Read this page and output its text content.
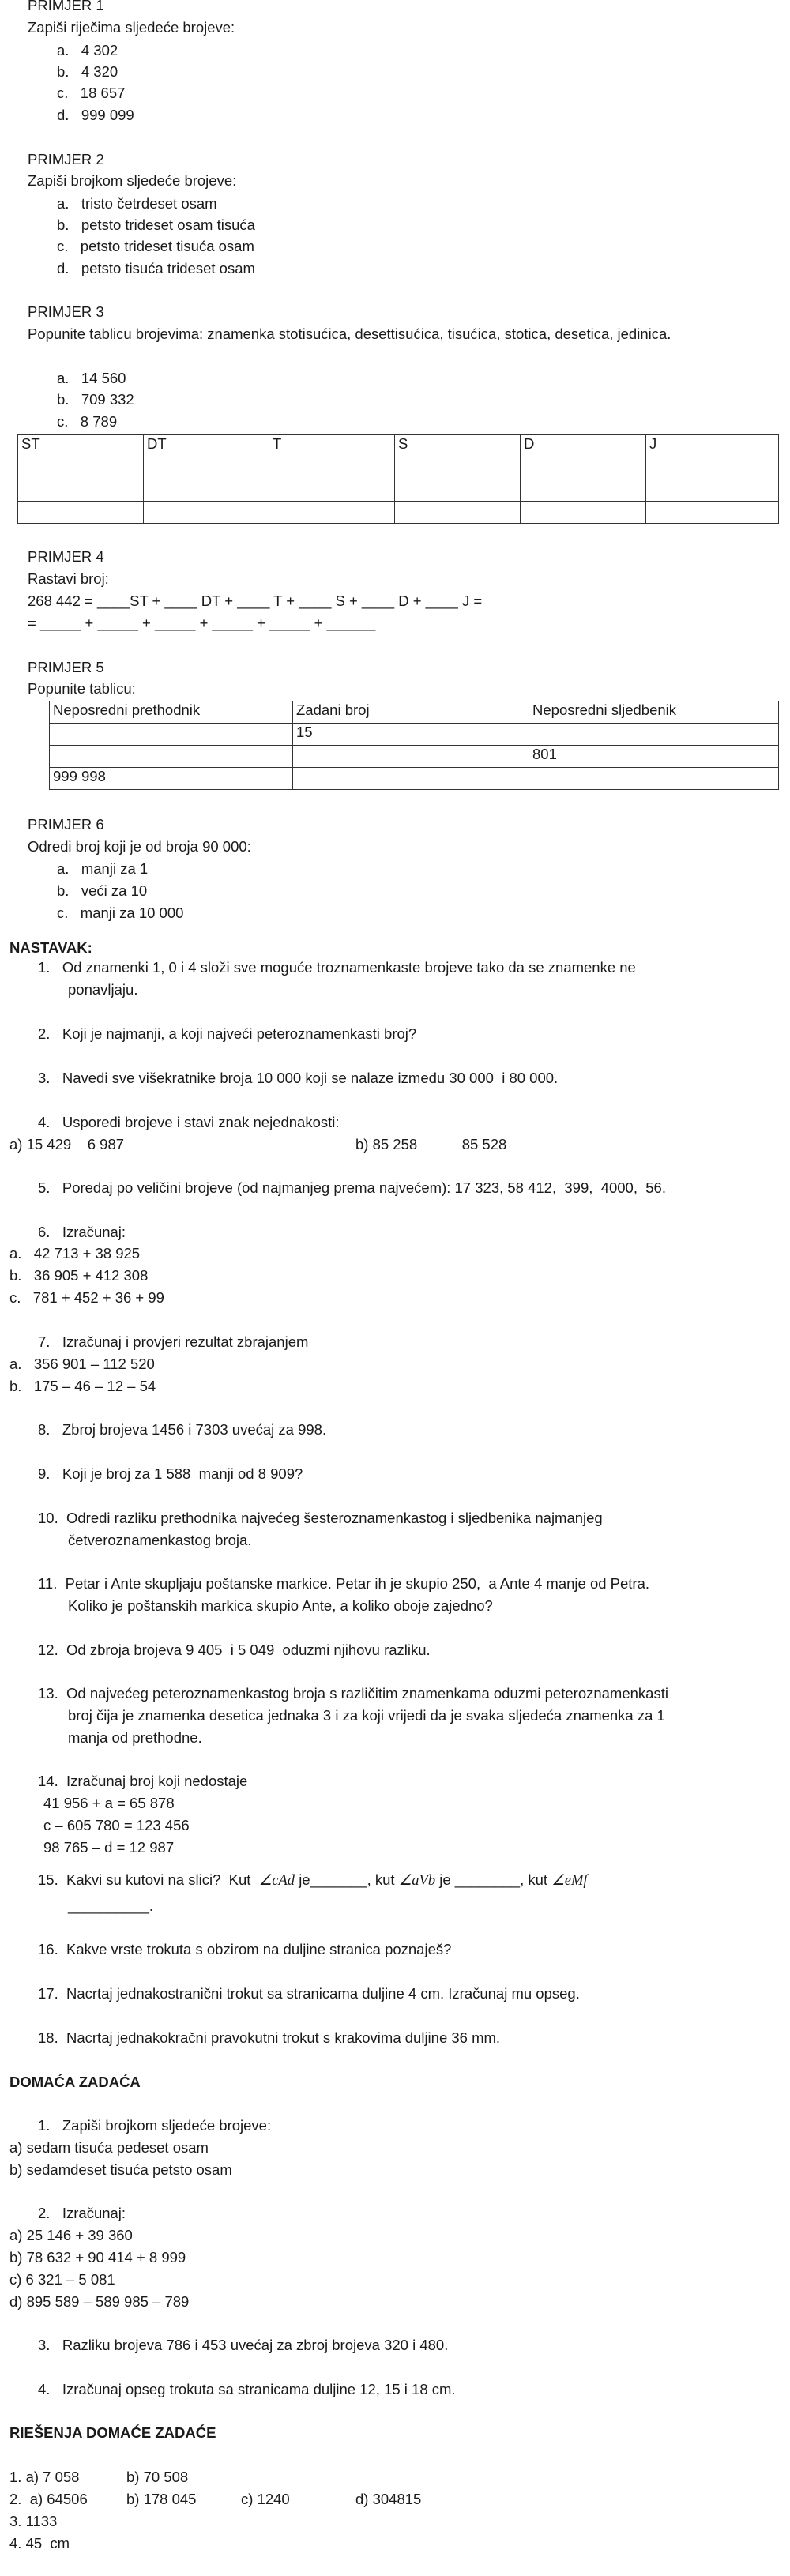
PRIMJER 1
Zapiši riječima sljedeće brojeve:
a.   4 302
b.   4 320
c.   18 657
d.   999 099
PRIMJER 2
Zapiši brojkom sljedeće brojeve:
a.   tristo četrdeset osam
b.   petsto trideset osam tisuća
c.   petsto trideset tisuća osam
d.   petsto tisuća trideset osam
PRIMJER 3
Popunite tablicu brojevima: znamenka stotisućica, desettisućica, tisućica, stotica, desetica, jedinica.
a.   14 560
b.   709 332
c.   8 789
ST	DT	T	S	D	J

PRIMJER 4
Rastavi broj:
268 442 = ____ST + ____ DT + ____ T + ____ S + ____ D + ____ J =
= _____ + _____ + _____ + _____ + _____ + ______
PRIMJER 5
Popunite tablicu:
Neposredni prethodnik	Zadani broj	Neposredni sljedbenik
	15	
		801
999 998		
PRIMJER 6
Odredi broj koji je od broja 90 000:
a.   manji za 1
b.   veći za 10
c.   manji za 10 000
NASTAVAK:
1.   Od znamenki 1, 0 i 4 složi sve moguće troznamenkaste brojeve tako da se znamenke ne
ponavljaju.
2.   Koji je najmanji, a koji najveći peteroznamenkasti broj?
3.   Navedi sve višekratnike broja 10 000 koji se nalaze između 30 000  i 80 000.
4.   Usporedi brojeve i stavi znak nejednakosti:
a) 15 429    6 987	b) 85 258           85 528
5.   Poredaj po veličini brojeve (od najmanjeg prema najvećem): 17 323, 58 412,  399,  4000,  56.
6.   Izračunaj:
a.   42 713 + 38 925
b.   36 905 + 412 308
c.   781 + 452 + 36 + 99
7.   Izračunaj i provjeri rezultat zbrajanjem
a.   356 901 – 112 520
b.   175 – 46 – 12 – 54
8.   Zbroj brojeva 1456 i 7303 uvećaj za 998.
9.   Koji je broj za 1 588  manji od 8 909?
10.  Odredi razliku prethodnika najvećeg šesteroznamenkastog i sljedbenika najmanjeg
četveroznamenkastog broja.
11.  Petar i Ante skupljaju poštanske markice. Petar ih je skupio 250,  a Ante 4 manje od Petra.
Koliko je poštanskih markica skupio Ante, a koliko oboje zajedno?
12.  Od zbroja brojeva 9 405  i 5 049  oduzmi njihovu razliku.
13.  Od najvećeg peteroznamenkastog broja s različitim znamenkama oduzmi peteroznamenkasti
broj čija je znamenka desetica jednaka 3 i za koji vrijedi da je svaka sljedeća znamenka za 1
manja od prethodne.
14.  Izračunaj broj koji nedostaje
41 956 + a = 65 878
c – 605 780 = 123 456
98 765 – d = 12 987
15.  Kakvi su kutovi na slici?  Kut ∠cAd je_______, kut ∠aVb je ________, kut ∠eMf
__________.
16.  Kakve vrste trokuta s obzirom na duljine stranica poznaješ?
17.  Nacrtaj jednakostranični trokut sa stranicama duljine 4 cm. Izračunaj mu opseg.
18.  Nacrtaj jednakokračni pravokutni trokut s krakovima duljine 36 mm.
DOMAĆA ZADAĆA
1.   Zapiši brojkom sljedeće brojeve:
a) sedam tisuća pedeset osam
b) sedamdeset tisuća petsto osam
2.   Izračunaj:
a) 25 146 + 39 360
b) 78 632 + 90 414 + 8 999
c) 6 321 – 5 081
d) 895 589 – 589 985 – 789
3.   Razliku brojeva 786 i 453 uvećaj za zbroj brojeva 320 i 480.
4.   Izračunaj opseg trokuta sa stranicama duljine 12, 15 i 18 cm.
RIEŠENJA DOMAĆE ZADAĆE
1. a) 7 058	b) 70 508
2.  a) 64506	b) 178 045	c) 1240	d) 304815
3. 1133
4. 45  cm
